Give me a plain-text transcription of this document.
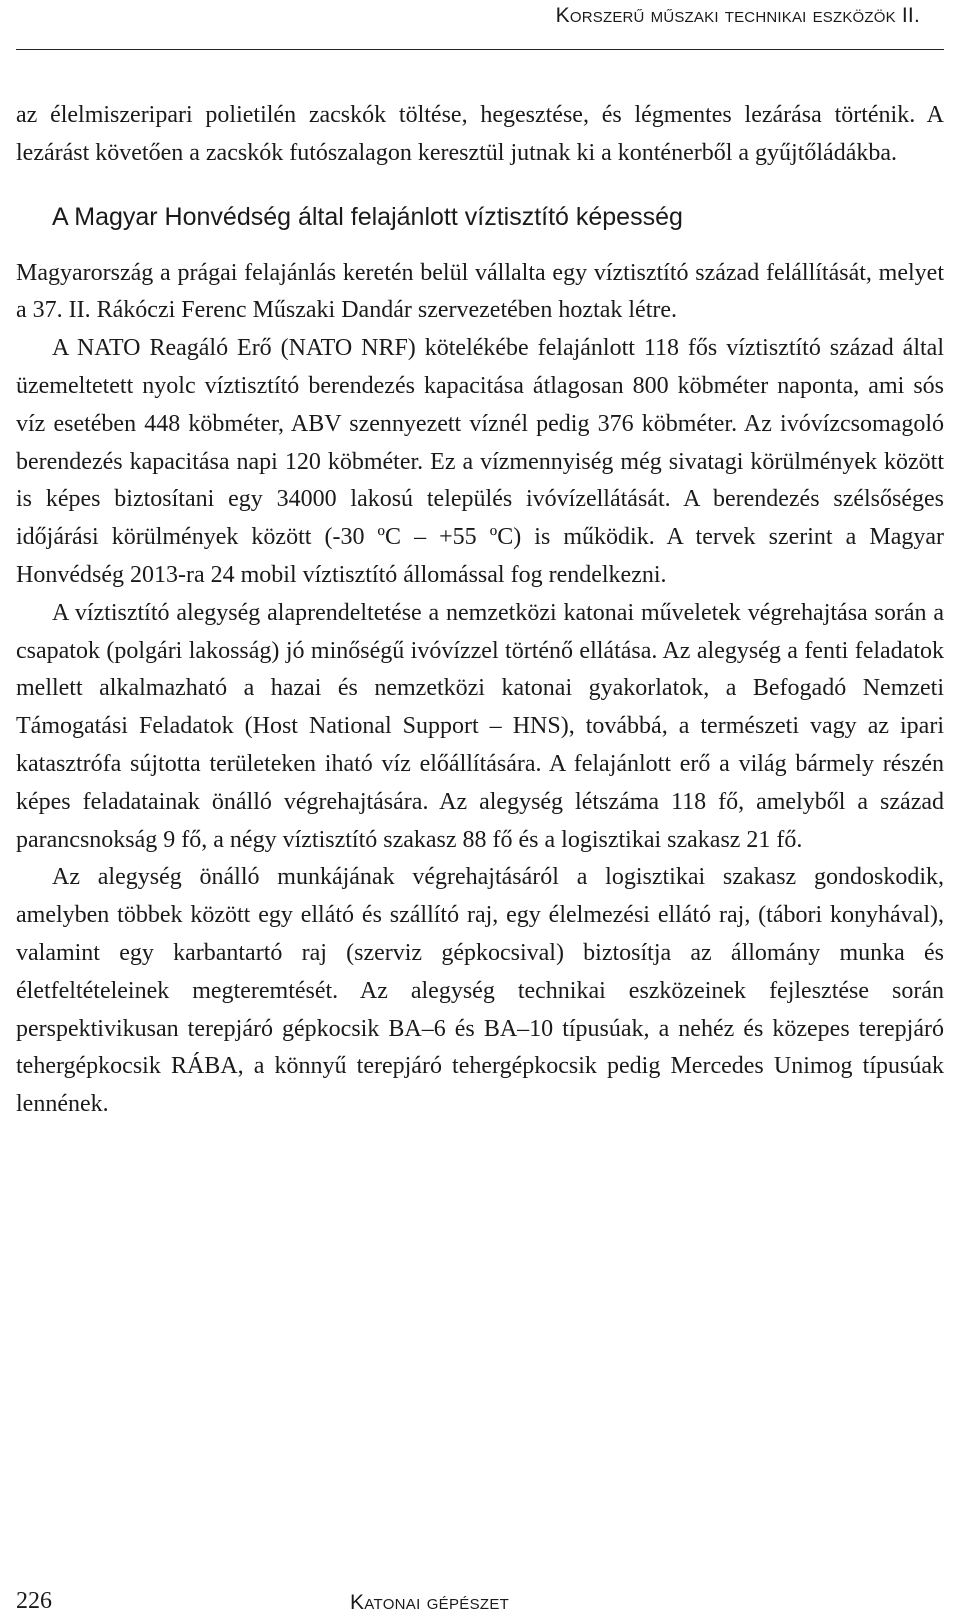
Korszerű műszaki technikai eszközök II.

az élelmiszeripari polietilén zacskók töltése, hegesztése, és légmentes lezárása történik. A lezárást követően a zacskók futószalagon keresztül jutnak ki a konténerből a gyűjtőládákba.

A Magyar Honvédség által felajánlott víztisztító képesség

Magyarország a prágai felajánlás keretén belül vállalta egy víztisztító század felállítását, melyet a 37. II. Rákóczi Ferenc Műszaki Dandár szervezetében hoztak létre.

A NATO Reagáló Erő (NATO NRF) kötelékébe felajánlott 118 fős víztisztító század által üzemeltetett nyolc víztisztító berendezés kapacitása átlagosan 800 köbméter naponta, ami sós víz esetében 448 köbméter, ABV szennyezett víznél pedig 376 köbméter. Az ivóvízcsomagoló berendezés kapacitása napi 120 köbméter. Ez a vízmennyiség még sivatagi körülmények között is képes biztosítani egy 34000 lakosú település ivóvízellátását. A berendezés szélsőséges időjárási körülmények között (-30 ºC – +55 ºC) is működik. A tervek szerint a Magyar Honvédség 2013-ra 24 mobil víztisztító állomással fog rendelkezni.

A víztisztító alegység alaprendeltetése a nemzetközi katonai műveletek végrehajtása során a csapatok (polgári lakosság) jó minőségű ivóvízzel történő ellátása. Az alegység a fenti feladatok mellett alkalmazható a hazai és nemzetközi katonai gyakorlatok, a Befogadó Nemzeti Támogatási Feladatok (Host National Support – HNS), továbbá, a természeti vagy az ipari katasztrófa sújtotta területeken iható víz előállítására. A felajánlott erő a világ bármely részén képes feladatainak önálló végrehajtására. Az alegység létszáma 118 fő, amelyből a század parancsnokság 9 fő, a négy víztisztító szakasz 88 fő és a logisztikai szakasz 21 fő.

Az alegység önálló munkájának végrehajtásáról a logisztikai szakasz gondoskodik, amelyben többek között egy ellátó és szállító raj, egy élelmezési ellátó raj, (tábori konyhával), valamint egy karbantartó raj (szerviz gépkocsival) biztosítja az állomány munka és életfeltételeinek megteremtését. Az alegység technikai eszközeinek fejlesztése során perspektivikusan terepjáró gépkocsik BA–6 és BA–10 típusúak, a nehéz és közepes terepjáró tehergépkocsik RÁBA, a könnyű terepjáró tehergépkocsik pedig Mercedes Unimog típusúak lennének.

226	Katonai gépészet
